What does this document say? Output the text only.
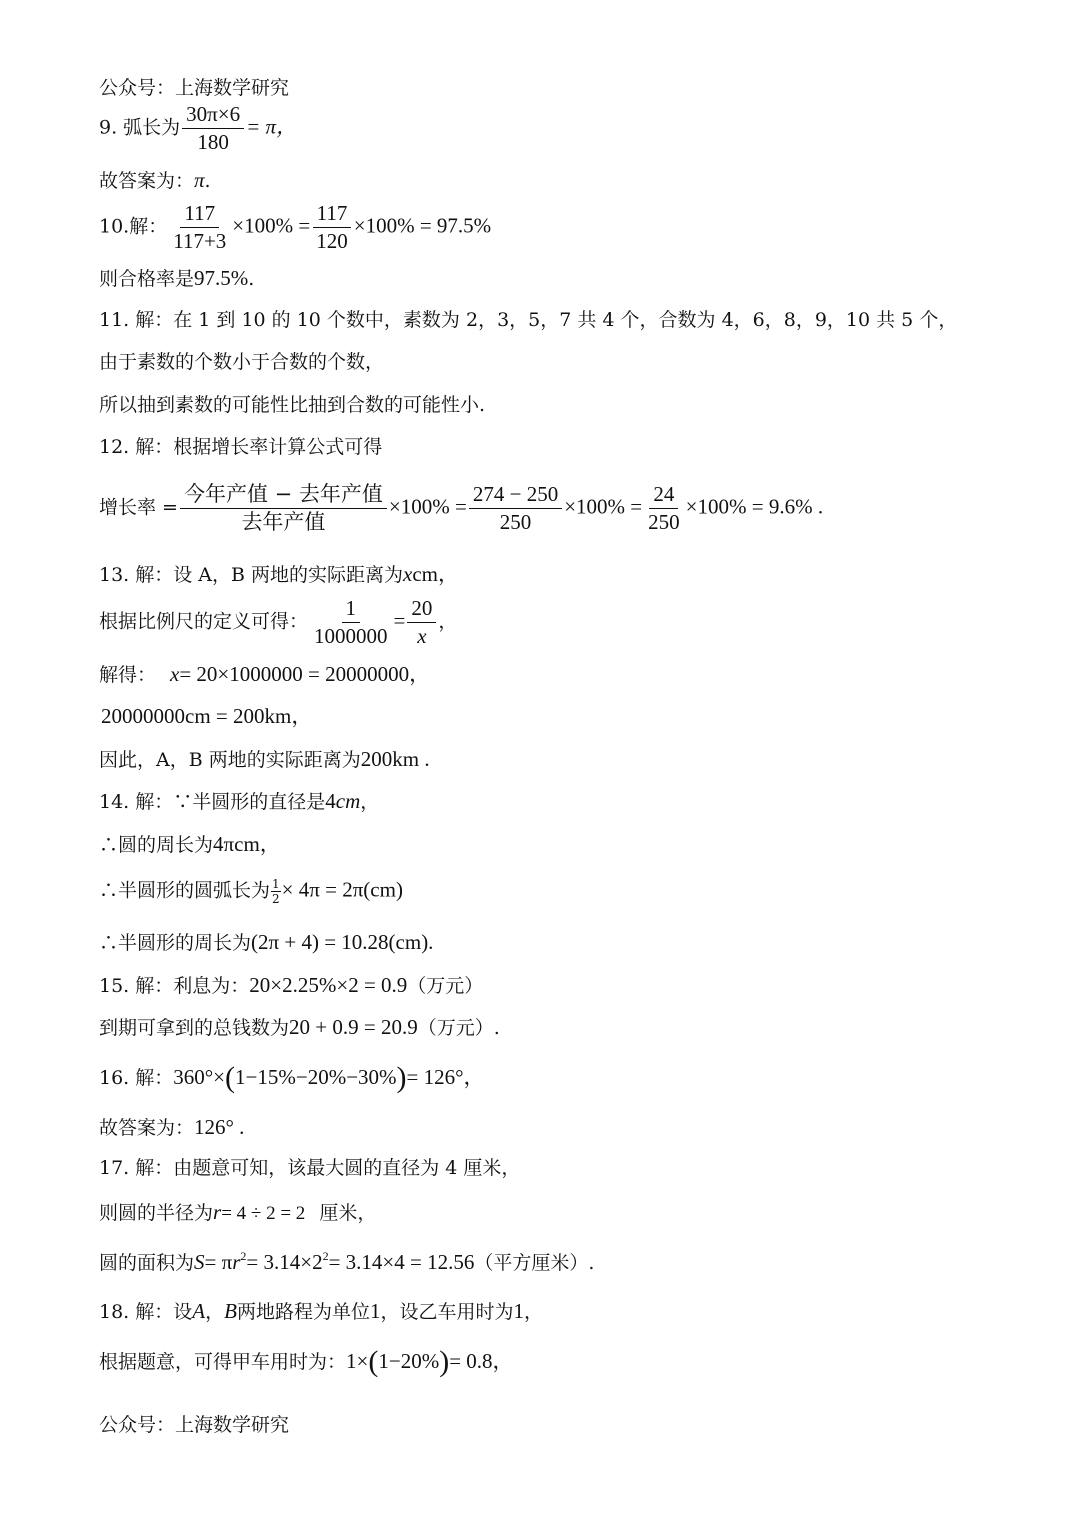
公众号：上海数学研究
9. 弧长为 $\frac{30\pi\times 6}{180} = \pi$，
故答案为：π.
10.解： $\frac{117}{117+3} \times 100\% = \frac{117}{120} \times 100\% = 97.5\%$
则合格率是97.5%.
11. 解：在 1 到 10 的 10 个数中，素数为 2，3，5，7 共 4 个，合数为 4，6，8，9，10 共 5 个，
由于素数的个数小于合数的个数，
所以抽到素数的可能性比抽到合数的可能性小.
12. 解：根据增长率计算公式可得
增长率 = $\frac{\text{今年产值 − 去年产值}}{\text{去年产值}} \times 100\% = \frac{274 - 250}{250} \times 100\% = \frac{24}{250} \times 100\% = 9.6\%$ .
13. 解：设 A，B 两地的实际距离为xcm，
根据比例尺的定义可得： $\frac{1}{1000000} = \frac{20}{x}$ ，
解得： x= 20×1000000 = 20000000，
20000000cm = 200km，
因此，A，B 两地的实际距离为200km .
14. 解：∵半圆形的直径是4cm，
∴圆的周长为4πcm，
∴半圆形的圆弧长为 $\frac{1}{2} \times 4\pi = 2\pi(cm)$
∴半圆形的周长为(2π + 4) = 10.28(cm).
15. 解：利息为：20×2.25%×2 = 0.9（万元）
到期可拿到的总钱数为20 + 0.9 = 20.9（万元）.
16. 解：360°×(1−15%−20%−30%)= 126°，
故答案为：126° .
17. 解：由题意可知，该最大圆的直径为 4 厘米，
则圆的半径为r= 4 ÷ 2 = 2 厘米，
圆的面积为$S= \pi r^2= 3.14\times 2^2= 3.14\times 4 = 12.56$（平方厘米）.
18. 解：设A，B两地路程为单位1，设乙车用时为1，
根据题意，可得甲车用时为：1×(1−20%)= 0.8，
公众号：上海数学研究
